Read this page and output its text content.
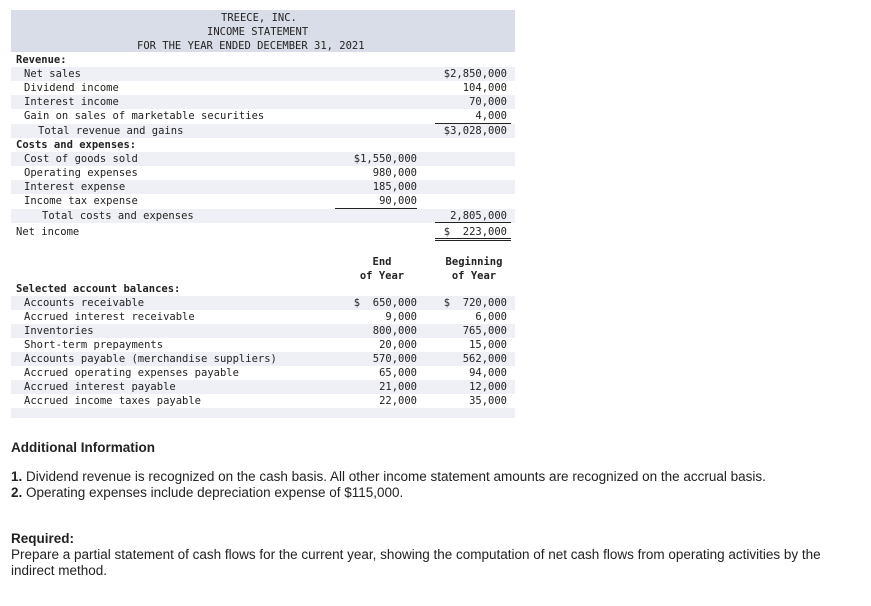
TREECE, INC.
INCOME STATEMENT
FOR THE YEAR ENDED DECEMBER 31, 2021
Revenue:
Net sales	$2,850,000
Dividend income	104,000
Interest income	70,000
Gain on sales of marketable securities	4,000
Total revenue and gains	$3,028,000
Costs and expenses:
Cost of goods sold	$1,550,000
Operating expenses	980,000
Interest expense	185,000
Income tax expense	90,000
Total costs and expenses	2,805,000
Net income	$  223,000
End
of Year
Beginning
of Year
Selected account balances:
Accounts receivable	$  650,000	$  720,000
Accrued interest receivable	9,000	6,000
Inventories	800,000	765,000
Short-term prepayments	20,000	15,000
Accounts payable (merchandise suppliers)	570,000	562,000
Accrued operating expenses payable	65,000	94,000
Accrued interest payable	21,000	12,000
Accrued income taxes payable	22,000	35,000
Additional Information
1. Dividend revenue is recognized on the cash basis. All other income statement amounts are recognized on the accrual basis.
2. Operating expenses include depreciation expense of $115,000.
Required:
Prepare a partial statement of cash flows for the current year, showing the computation of net cash flows from operating activities by the indirect method.
